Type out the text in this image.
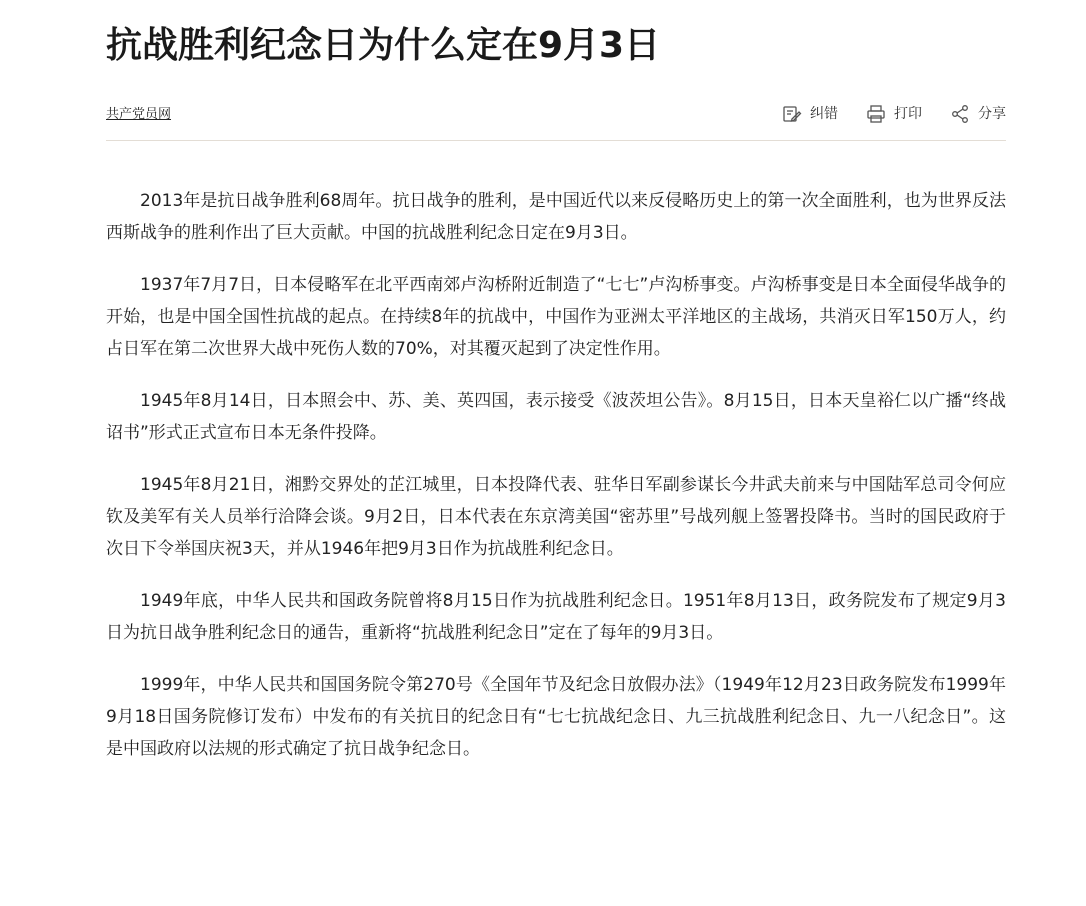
抗战胜利纪念日为什么定在9月3日
共产党员网	纠错	打印	分享

2013年是抗日战争胜利68周年。抗日战争的胜利，是中国近代以来反侵略历史上的第一次全面胜利，也为世界反法西斯战争的胜利作出了巨大贡献。中国的抗战胜利纪念日定在9月3日。

1937年7月7日，日本侵略军在北平西南郊卢沟桥附近制造了“七七”卢沟桥事变。卢沟桥事变是日本全面侵华战争的开始，也是中国全国性抗战的起点。在持续8年的抗战中，中国作为亚洲太平洋地区的主战场，共消灭日军150万人，约占日军在第二次世界大战中死伤人数的70%，对其覆灭起到了决定性作用。

1945年8月14日，日本照会中、苏、美、英四国，表示接受《波茨坦公告》。8月15日，日本天皇裕仁以广播“终战诏书”形式正式宣布日本无条件投降。

1945年8月21日，湘黔交界处的芷江城里，日本投降代表、驻华日军副参谋长今井武夫前来与中国陆军总司令何应钦及美军有关人员举行洽降会谈。9月2日，日本代表在东京湾美国“密苏里”号战列舰上签署投降书。当时的国民政府于次日下令举国庆祝3天，并从1946年把9月3日作为抗战胜利纪念日。

1949年底，中华人民共和国政务院曾将8月15日作为抗战胜利纪念日。1951年8月13日，政务院发布了规定9月3日为抗日战争胜利纪念日的通告，重新将“抗战胜利纪念日”定在了每年的9月3日。

1999年，中华人民共和国国务院令第270号《全国年节及纪念日放假办法》（1949年12月23日政务院发布1999年9月18日国务院修订发布）中发布的有关抗日的纪念日有“七七抗战纪念日、九三抗战胜利纪念日、九一八纪念日”。这是中国政府以法规的形式确定了抗日战争纪念日。
